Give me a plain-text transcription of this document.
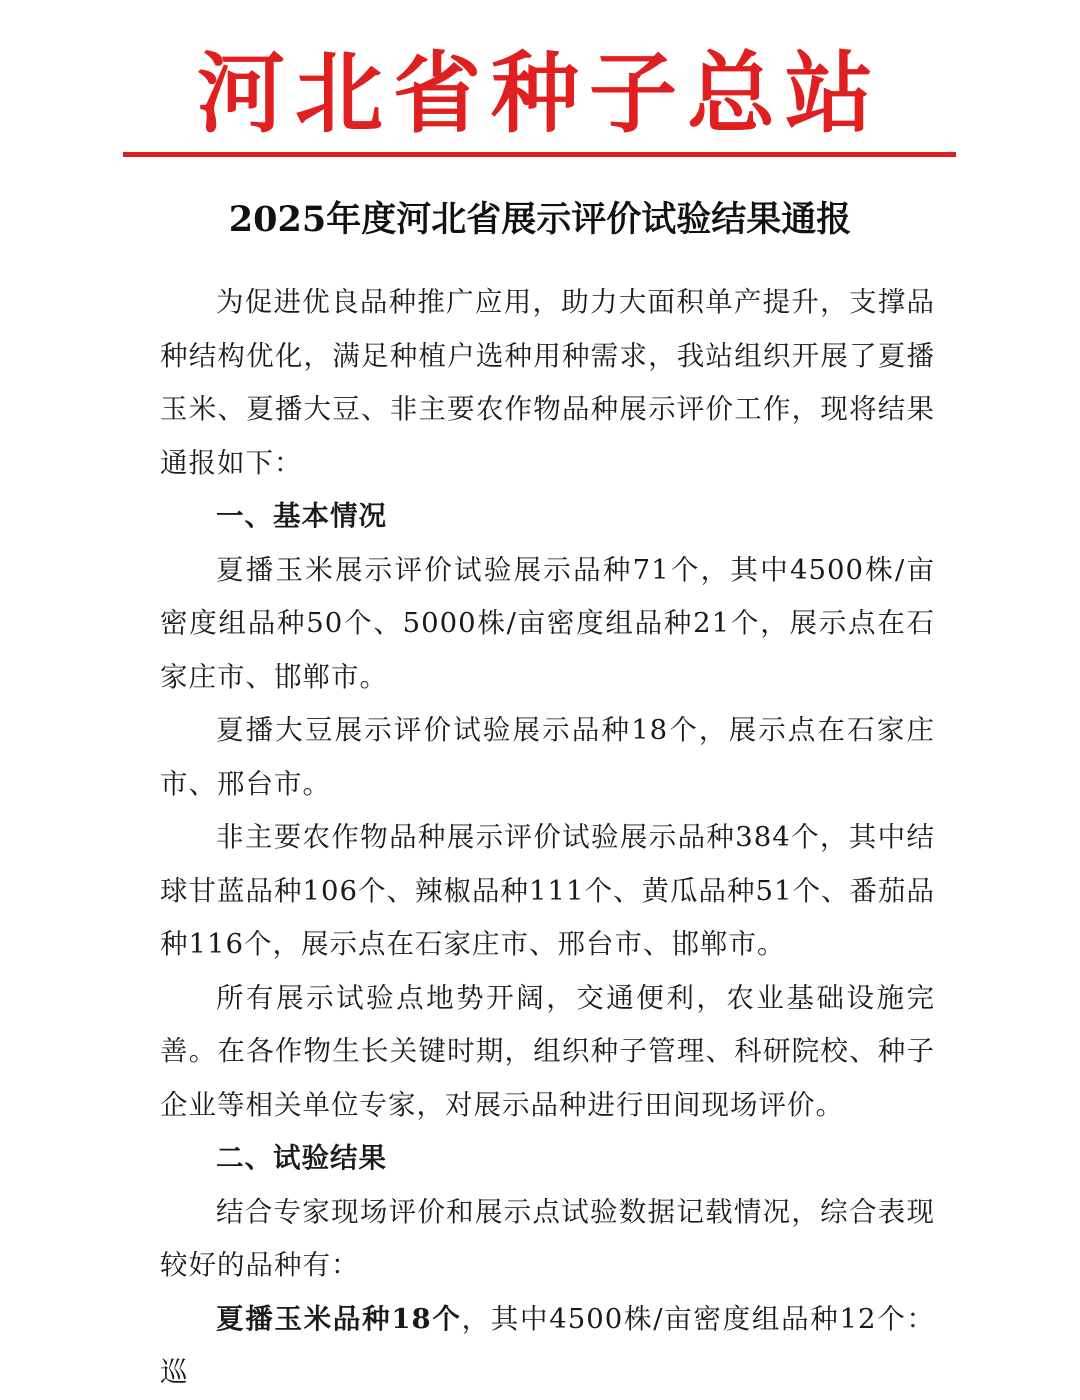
河北省种子总站
2025年度河北省展示评价试验结果通报

为促进优良品种推广应用，助力大面积单产提升，支撑品种结构优化，满足种植户选种用种需求，我站组织开展了夏播玉米、夏播大豆、非主要农作物品种展示评价工作，现将结果通报如下：

一、基本情况

夏播玉米展示评价试验展示品种71个，其中4500株/亩密度组品种50个、5000株/亩密度组品种21个，展示点在石家庄市、邯郸市。

夏播大豆展示评价试验展示品种18个，展示点在石家庄市、邢台市。

非主要农作物品种展示评价试验展示品种384个，其中结球甘蓝品种106个、辣椒品种111个、黄瓜品种51个、番茄品种116个，展示点在石家庄市、邢台市、邯郸市。

所有展示试验点地势开阔，交通便利，农业基础设施完善。在各作物生长关键时期，组织种子管理、科研院校、种子企业等相关单位专家，对展示品种进行田间现场评价。

二、试验结果

结合专家现场评价和展示点试验数据记载情况，综合表现较好的品种有：

夏播玉米品种18个，其中4500株/亩密度组品种12个：巡
